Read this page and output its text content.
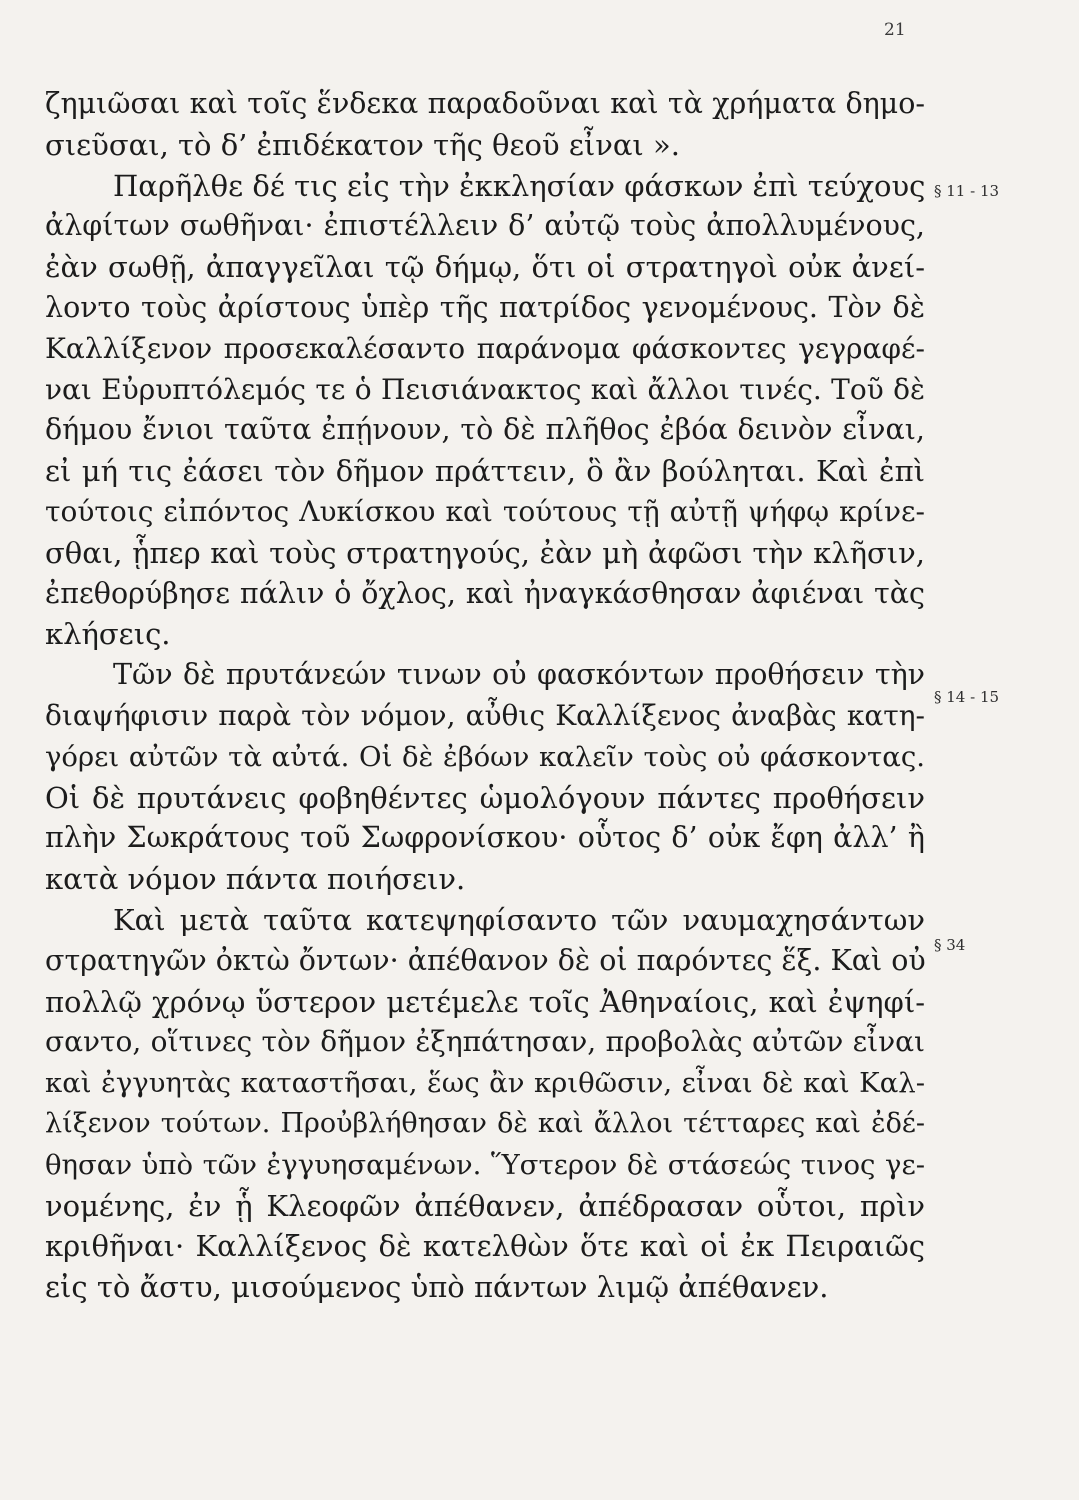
21
§ 11 - 13
§ 14 - 15
§ 34
ζημιῶσαι καὶ τοῖς ἕνδεκα παραδοῦναι καὶ τὰ χρήματα δημο-
σιεῦσαι, τὸ δ’ ἐπιδέκατον τῆς θεοῦ εἶναι ».
Παρῆλθε δέ τις εἰς τὴν ἐκκλησίαν φάσκων ἐπὶ τεύχους
ἀλφίτων σωθῆναι· ἐπιστέλλειν δ’ αὐτῷ τοὺς ἀπολλυμένους,
ἐὰν σωθῇ, ἀπαγγεῖλαι τῷ δήμῳ, ὅτι οἱ στρατηγοὶ οὐκ ἀνεί-
λοντο τοὺς ἀρίστους ὑπὲρ τῆς πατρίδος γενομένους. Τὸν δὲ
Καλλίξενον προσεκαλέσαντο παράνομα φάσκοντες γεγραφέ-
ναι Εὐρυπτόλεμός τε ὁ Πεισιάνακτος καὶ ἄλλοι τινές. Τοῦ δὲ
δήμου ἔνιοι ταῦτα ἐπῄνουν, τὸ δὲ πλῆθος ἐβόα δεινὸν εἶναι,
εἰ μή τις ἐάσει τὸν δῆμον πράττειν, ὃ ἂν βούληται. Καὶ ἐπὶ
τούτοις εἰπόντος Λυκίσκου καὶ τούτους τῇ αὐτῇ ψήφῳ κρίνε-
σθαι, ᾗπερ καὶ τοὺς στρατηγούς, ἐὰν μὴ ἀφῶσι τὴν κλῆσιν,
ἐπεθορύβησε πάλιν ὁ ὄχλος, καὶ ἠναγκάσθησαν ἀφιέναι τὰς
κλήσεις.
Τῶν δὲ πρυτάνεών τινων οὐ φασκόντων προθήσειν τὴν
διαψήφισιν παρὰ τὸν νόμον, αὖθις Καλλίξενος ἀναβὰς κατη-
γόρει αὐτῶν τὰ αὐτά. Οἱ δὲ ἐβόων καλεῖν τοὺς οὐ φάσκοντας.
Οἱ δὲ πρυτάνεις φοβηθέντες ὡμολόγουν πάντες προθήσειν
πλὴν Σωκράτους τοῦ Σωφρονίσκου· οὗτος δ’ οὐκ ἔφη ἀλλ’ ἢ
κατὰ νόμον πάντα ποιήσειν.
Καὶ μετὰ ταῦτα κατεψηφίσαντο τῶν ναυμαχησάντων
στρατηγῶν ὀκτὼ ὄντων· ἀπέθανον δὲ οἱ παρόντες ἕξ. Καὶ οὐ
πολλῷ χρόνῳ ὕστερον μετέμελε τοῖς Ἀθηναίοις, καὶ ἐψηφί-
σαντο, οἵτινες τὸν δῆμον ἐξηπάτησαν, προβολὰς αὐτῶν εἶναι
καὶ ἐγγυητὰς καταστῆσαι, ἕως ἂν κριθῶσιν, εἶναι δὲ καὶ Καλ-
λίξενον τούτων. Προὐβλήθησαν δὲ καὶ ἄλλοι τέτταρες καὶ ἐδέ-
θησαν ὑπὸ τῶν ἐγγυησαμένων. Ὕστερον δὲ στάσεώς τινος γε-
νομένης, ἐν ᾗ Κλεοφῶν ἀπέθανεν, ἀπέδρασαν οὗτοι, πρὶν
κριθῆναι· Καλλίξενος δὲ κατελθὼν ὅτε καὶ οἱ ἐκ Πειραιῶς
εἰς τὸ ἄστυ, μισούμενος ὑπὸ πάντων λιμῷ ἀπέθανεν.
